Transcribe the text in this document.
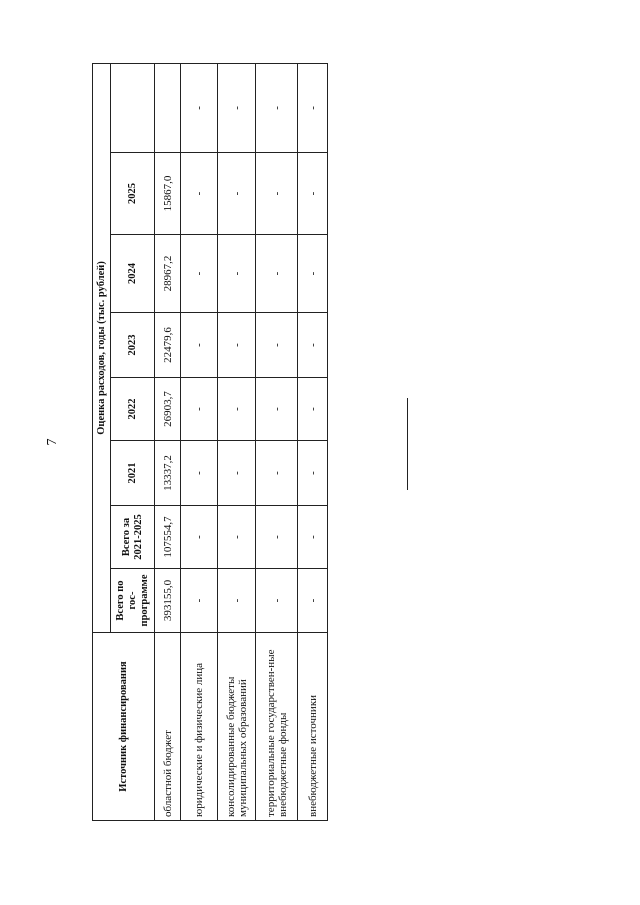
7
Источник финансирования	Оценка расходов, годы (тыс. рублей)							
	Всего по гос-программе	Всего за 2021-2025	2021	2022	2023	2024	2025	
областной бюджет	393155,0	107554,7	13337,2	26903,7	22479,6	28967,2	15867,0	
юридические и физические лица	-	-	-	-	-	-	-	-
консолидированные бюджеты муниципальных образований	-	-	-	-	-	-	-	-
территориальные государствен-ные внебюджетные фонды	-	-	-	-	-	-	-	-
внебюджетные источники	-	-	-	-	-	-	-	-
